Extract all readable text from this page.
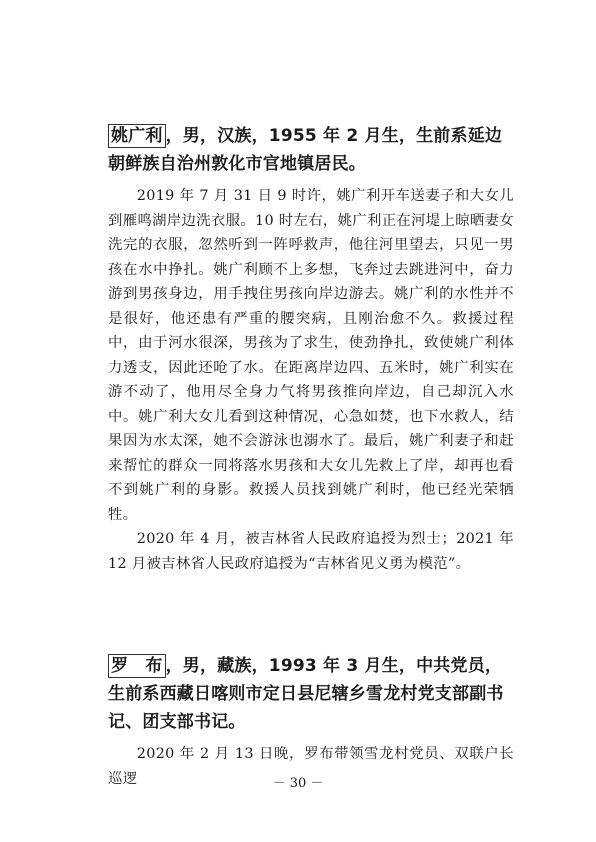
姚广利 ，男，汉族，1955 年 2 月生，生前系延边朝鲜族自治州敦化市官地镇居民。

2019 年 7 月 31 日 9 时许，姚广利开车送妻子和大女儿到雁鸣湖岸边洗衣服。10 时左右，姚广利正在河堤上晾晒妻女洗完的衣服，忽然听到一阵呼救声，他往河里望去，只见一男孩在水中挣扎。姚广利顾不上多想，飞奔过去跳进河中，奋力游到男孩身边，用手拽住男孩向岸边游去。姚广利的水性并不是很好，他还患有严重的腰突病，且刚治愈不久。救援过程中，由于河水很深，男孩为了求生，使劲挣扎，致使姚广利体力透支，因此还呛了水。在距离岸边四、五米时，姚广利实在游不动了，他用尽全身力气将男孩推向岸边，自己却沉入水中。姚广利大女儿看到这种情况，心急如焚，也下水救人，结果因为水太深，她不会游泳也溺水了。最后，姚广利妻子和赶来帮忙的群众一同将落水男孩和大女儿先救上了岸，却再也看不到姚广利的身影。救援人员找到姚广利时，他已经光荣牺牲。

2020 年 4 月，被吉林省人民政府追授为烈士；2021 年 12 月被吉林省人民政府追授为“吉林省见义勇为模范”。

罗　布 ，男，藏族，1993 年 3 月生，中共党员，生前系西藏日喀则市定日县尼辖乡雪龙村党支部副书记、团支部书记。

2020 年 2 月 13 日晚，罗布带领雪龙村党员、双联户长巡逻	－ 30 －
